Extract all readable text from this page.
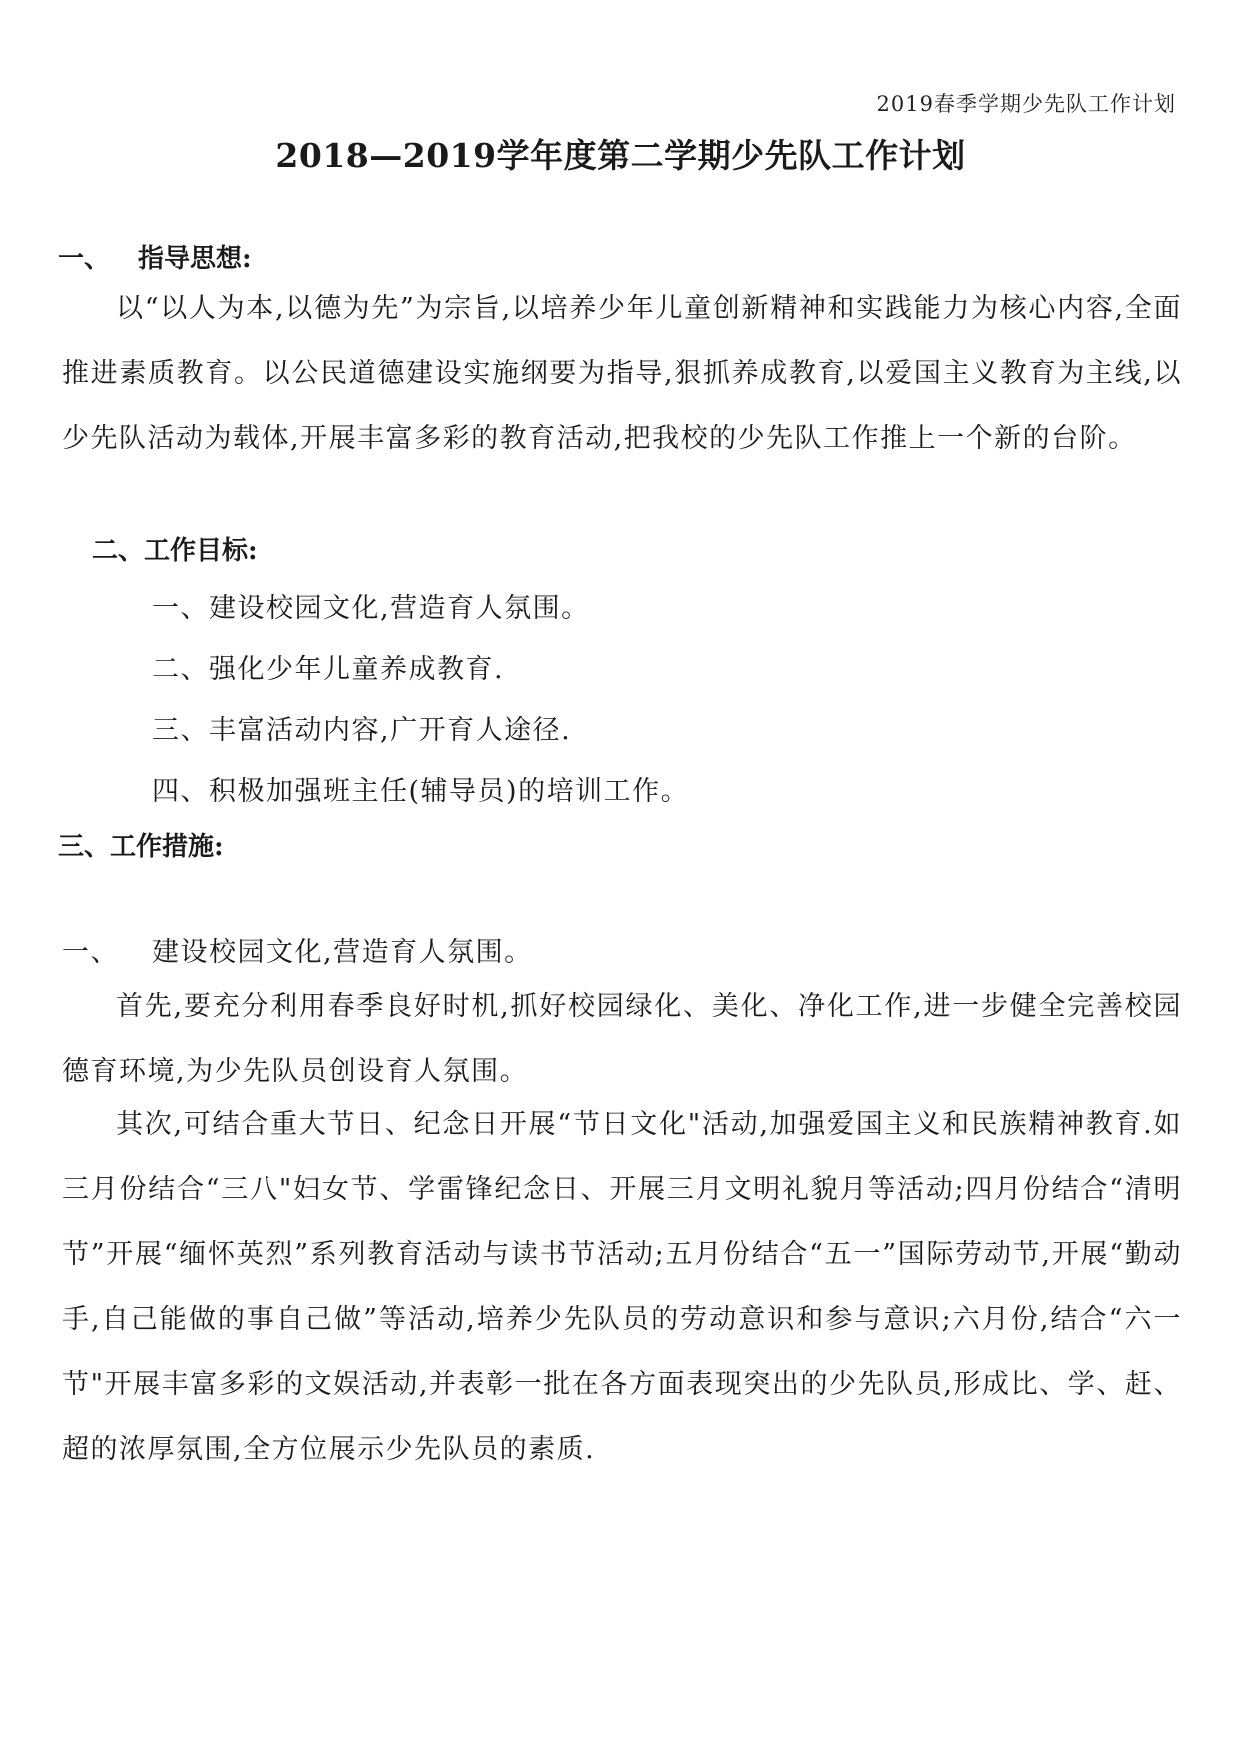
2019春季学期少先队工作计划
2018—2019学年度第二学期少先队工作计划
一、 指导思想:
以“以人为本,以德为先”为宗旨,以培养少年儿童创新精神和实践能力为核心内容,全面推进素质教育。以公民道德建设实施纲要为指导,狠抓养成教育,以爱国主义教育为主线,以少先队活动为载体,开展丰富多彩的教育活动,把我校的少先队工作推上一个新的台阶。
二、工作目标:
一、建设校园文化,营造育人氛围。
二、强化少年儿童养成教育.
三、丰富活动内容,广开育人途径.
四、积极加强班主任(辅导员)的培训工作。
三、工作措施:
一、 建设校园文化,营造育人氛围。
首先,要充分利用春季良好时机,抓好校园绿化、美化、净化工作,进一步健全完善校园德育环境,为少先队员创设育人氛围。
其次,可结合重大节日、纪念日开展“节日文化"活动,加强爱国主义和民族精神教育.如三月份结合“三八"妇女节、学雷锋纪念日、开展三月文明礼貌月等活动;四月份结合“清明节”开展“缅怀英烈”系列教育活动与读书节活动;五月份结合“五一”国际劳动节,开展“勤动手,自己能做的事自己做”等活动,培养少先队员的劳动意识和参与意识;六月份,结合“六一节"开展丰富多彩的文娱活动,并表彰一批在各方面表现突出的少先队员,形成比、学、赶、超的浓厚氛围,全方位展示少先队员的素质.
